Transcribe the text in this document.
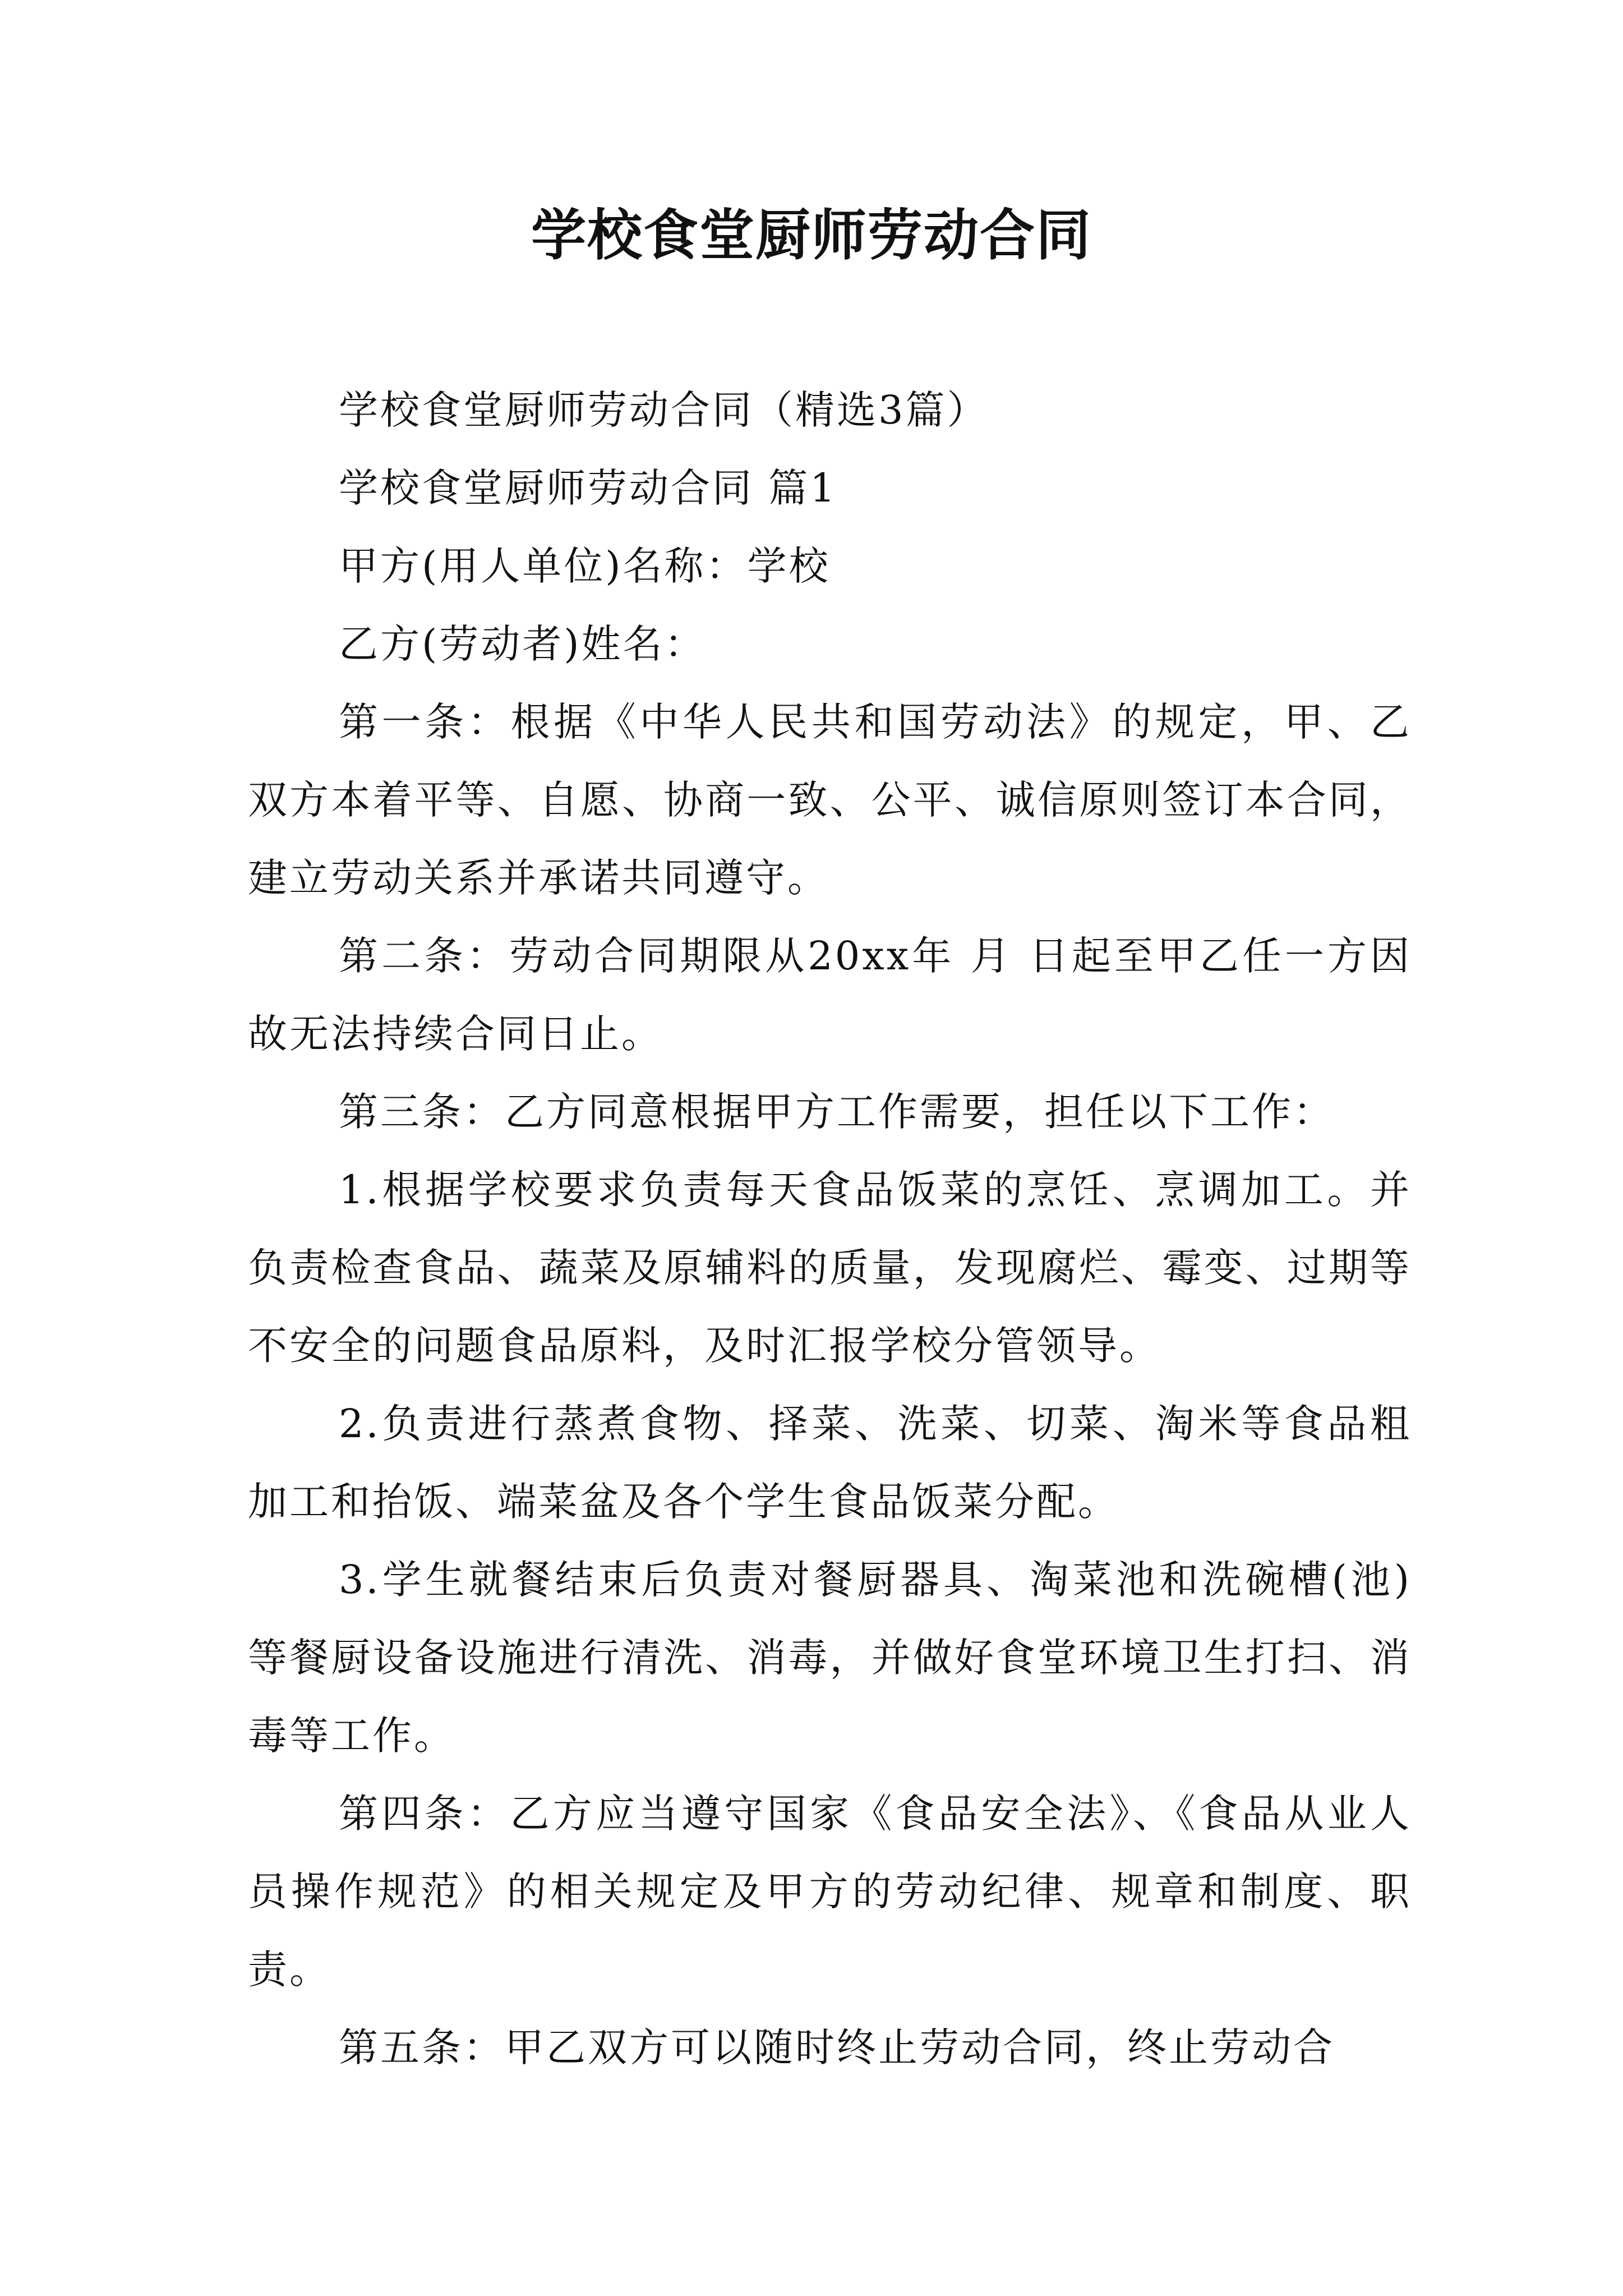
学校食堂厨师劳动合同

学校食堂厨师劳动合同（精选3篇）

学校食堂厨师劳动合同 篇1

甲方(用人单位)名称：学校

乙方(劳动者)姓名：

第一条：根据《中华人民共和国劳动法》的规定，甲、乙双方本着平等、自愿、协商一致、公平、诚信原则签订本合同，建立劳动关系并承诺共同遵守。

第二条：劳动合同期限从20xx年 月 日起至甲乙任一方因故无法持续合同日止。

第三条：乙方同意根据甲方工作需要，担任以下工作：

1.根据学校要求负责每天食品饭菜的烹饪、烹调加工。并负责检查食品、蔬菜及原辅料的质量，发现腐烂、霉变、过期等不安全的问题食品原料，及时汇报学校分管领导。

2.负责进行蒸煮食物、择菜、洗菜、切菜、淘米等食品粗加工和抬饭、端菜盆及各个学生食品饭菜分配。

3.学生就餐结束后负责对餐厨器具、淘菜池和洗碗槽(池)等餐厨设备设施进行清洗、消毒，并做好食堂环境卫生打扫、消毒等工作。

第四条：乙方应当遵守国家《食品安全法》、《食品从业人员操作规范》的相关规定及甲方的劳动纪律、规章和制度、职责。

第五条：甲乙双方可以随时终止劳动合同，终止劳动合
